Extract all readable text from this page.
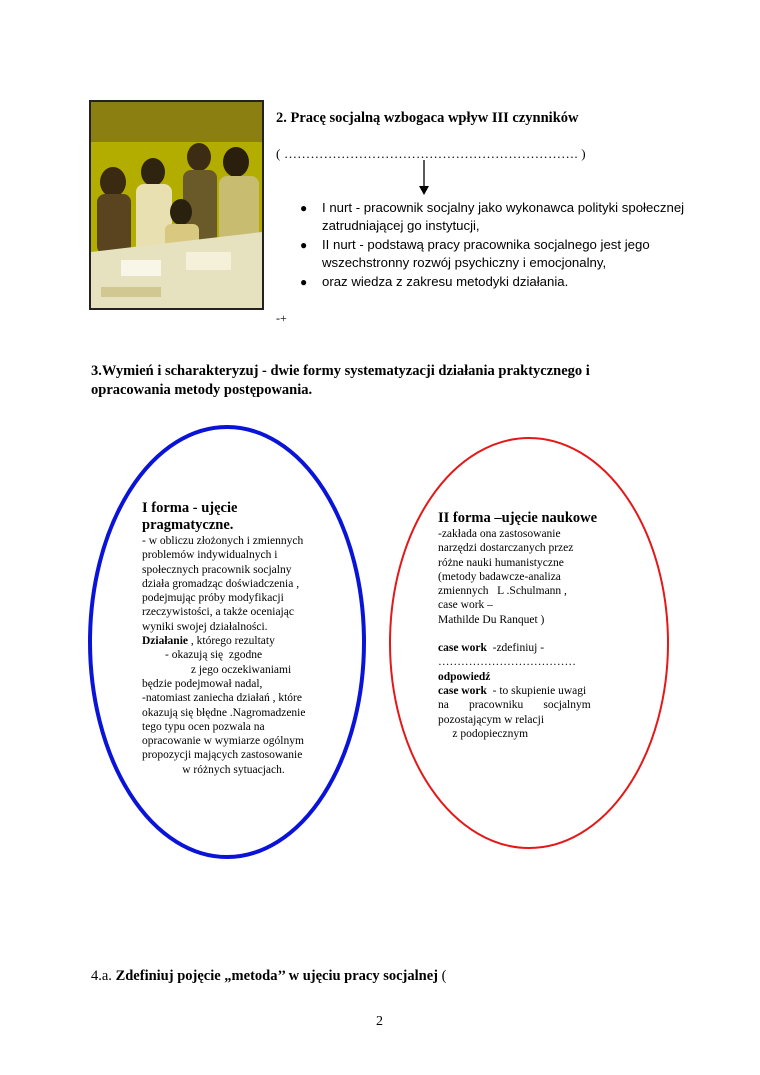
2. Pracę socjalną wzbogaca wpływ III czynników
( …………………………………………………………. )
● I nurt - pracownik socjalny jako wykonawca polityki społecznej zatrudniającej go instytucji,
● II nurt - podstawą pracy pracownika socjalnego jest jego wszechstronny rozwój psychiczny i emocjonalny,
● oraz wiedza z zakresu metodyki działania.
-+
3.Wymień i scharakteryzuj - dwie formy systematyzacji działania praktycznego i opracowania metody postępowania.
I forma - ujęcie
pragmatyczne.
- w obliczu złożonych i zmiennych
problemów indywidualnych i
społecznych pracownik socjalny
działa gromadząc doświadczenia ,
podejmując próby modyfikacji
rzeczywistości, a także oceniając
wyniki swojej działalności.
Działanie , którego rezultaty
- okazują się  zgodne
z jego oczekiwaniami
będzie podejmował nadal,
-natomiast zaniecha działań , które
okazują się błędne .Nagromadzenie
tego typu ocen pozwala na
opracowanie w wymiarze ogólnym
propozycji mających zastosowanie
w różnych sytuacjach.
II forma –ujęcie naukowe
-zakłada ona zastosowanie
narzędzi dostarczanych przez
różne nauki humanistyczne
(metody badawcze-analiza
zmiennych   L .Schulmann ,
case work –
Mathilde Du Ranquet )
case work  -zdefiniuj -
………………………………
odpowiedź
case work  - to skupienie uwagi
na       pracowniku       socjalnym
pozostającym w relacji
z podopiecznym
4.a. Zdefiniuj pojęcie „metoda’’ w ujęciu pracy socjalnej (
2
